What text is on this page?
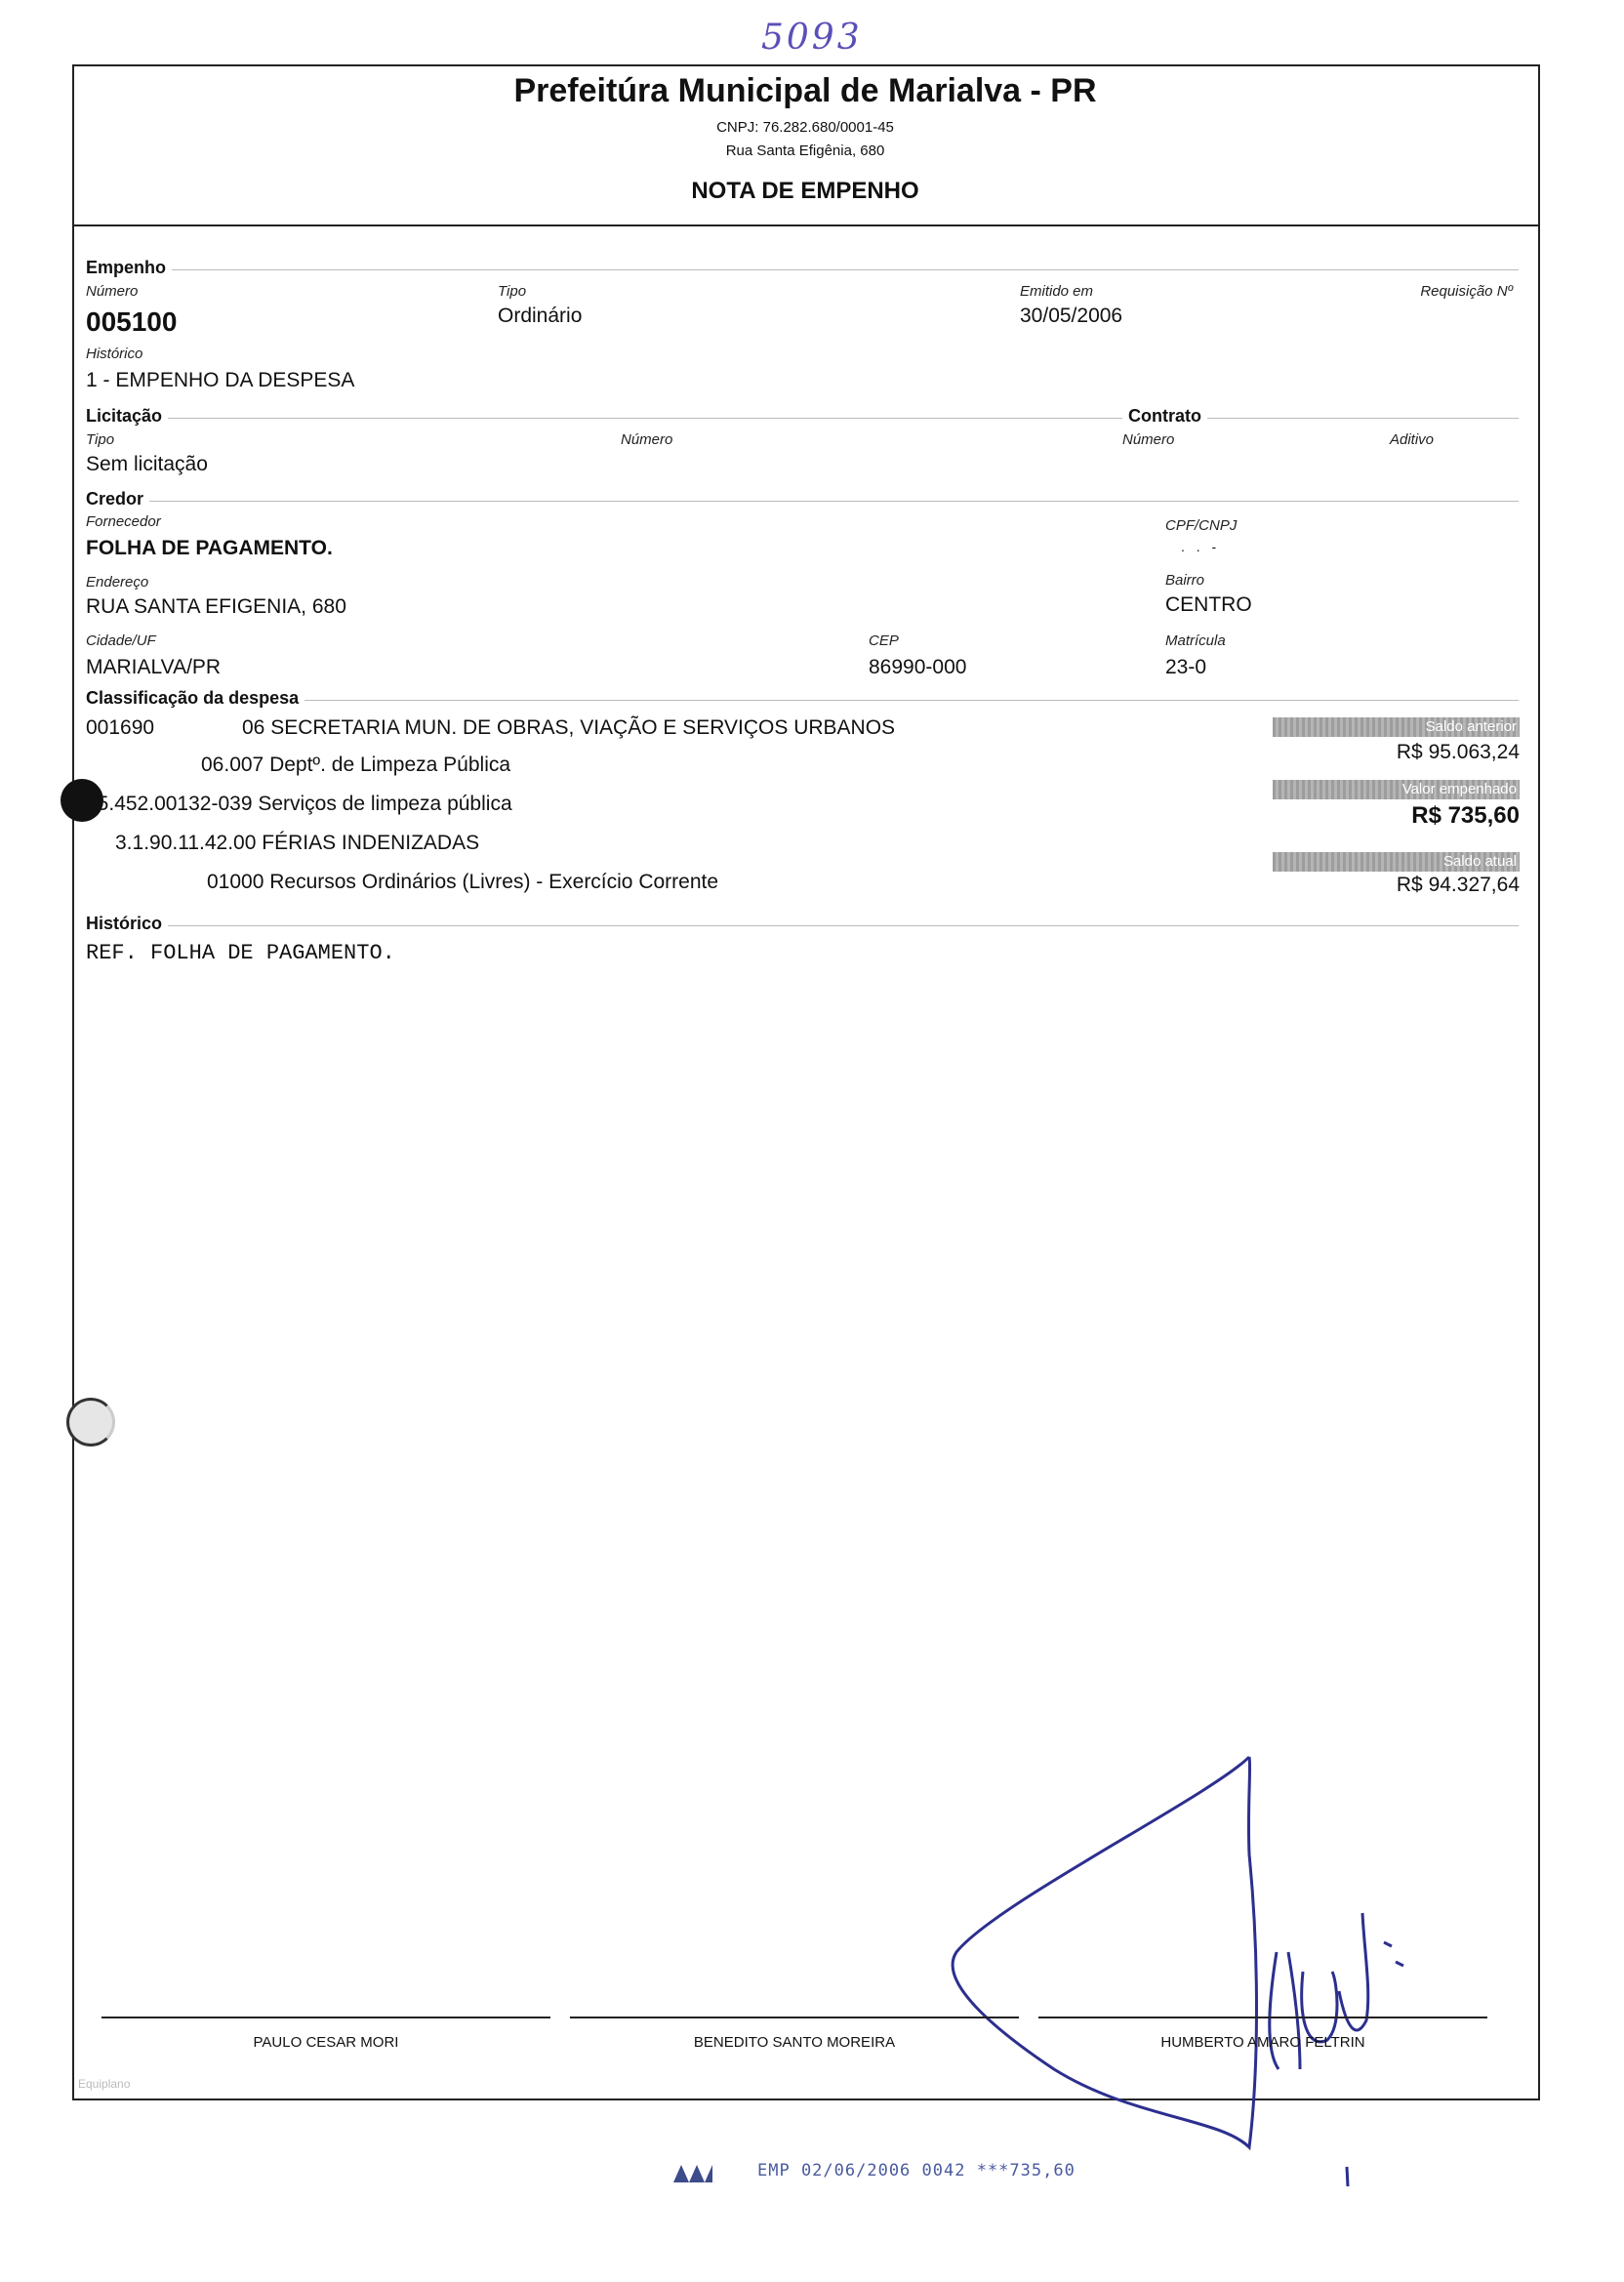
5093
Prefeitúra Municipal de Marialva - PR
CNPJ: 76.282.680/0001-45
Rua Santa Efigênia, 680
NOTA DE EMPENHO
Empenho
Número
005100
Tipo
Ordinário
Emitido em
30/05/2006
Requisição Nº
Histórico
1 - EMPENHO DA DESPESA
Licitação	Contrato
Tipo
Sem licitação
Número	Número	Aditivo
Credor
Fornecedor
FOLHA DE PAGAMENTO.
CPF/CNPJ
. . -
Endereço
RUA SANTA EFIGENIA, 680
Bairro
CENTRO
Cidade/UF
MARIALVA/PR
CEP
86990-000
Matrícula
23-0
Classificação da despesa
001690	06 SECRETARIA MUN. DE OBRAS, VIAÇÃO E SERVIÇOS URBANOS
06.007 Deptº. de Limpeza Pública
15.452.00132-039 Serviços de limpeza pública
3.1.90.11.42.00 FÉRIAS INDENIZADAS
01000 Recursos Ordinários (Livres) - Exercício Corrente
Saldo anterior
R$ 95.063,24
Valor empenhado
R$ 735,60
Saldo atual
R$ 94.327,64
Histórico
REF. FOLHA DE PAGAMENTO.
PAULO CESAR MORI	BENEDITO SANTO MOREIRA	HUMBERTO AMARO FELTRIN
Equiplano
EMP 02/06/2006 0042 ***735,60
